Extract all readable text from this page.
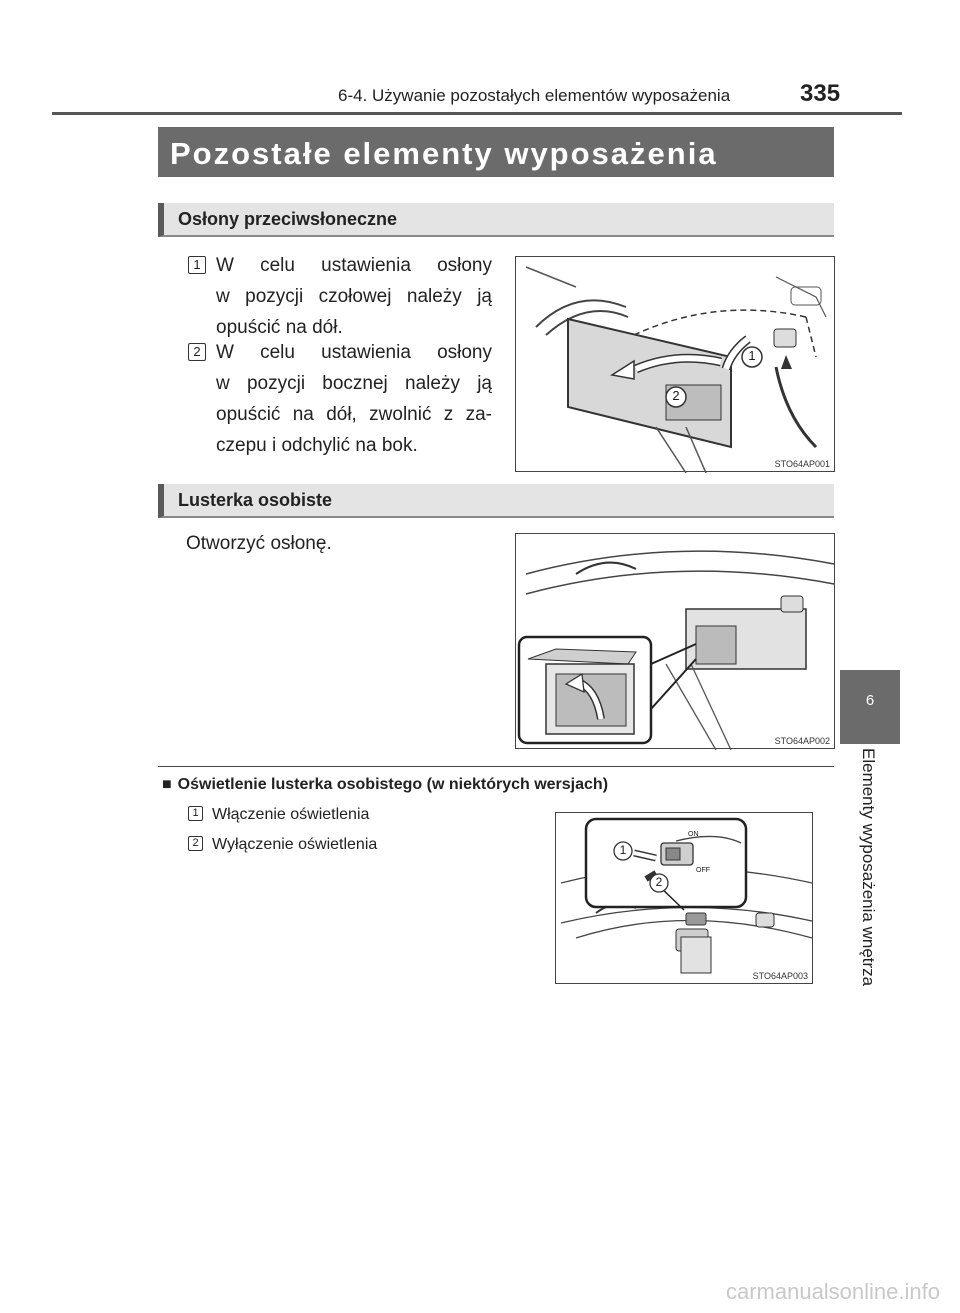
6-4. Używanie pozostałych elementów wyposażenia	335
Pozostałe elementy wyposażenia
Osłony przeciwsłoneczne
1 W celu ustawienia osłony
w pozycji czołowej należy ją
opuścić na dół.
2 W celu ustawienia osłony
w pozycji bocznej należy ją
opuścić na dół, zwolnić z za-
czepu i odchylić na bok.
1
2
STO64AP001
Lusterka osobiste
Otworzyć osłonę.
STO64AP002
■ Oświetlenie lusterka osobistego (w niektórych wersjach)
1 Włączenie oświetlenia
2 Wyłączenie oświetlenia
ON
OFF
1
2
STO64AP003
6
Elementy wyposażenia wnętrza
carmanualsonline.info
